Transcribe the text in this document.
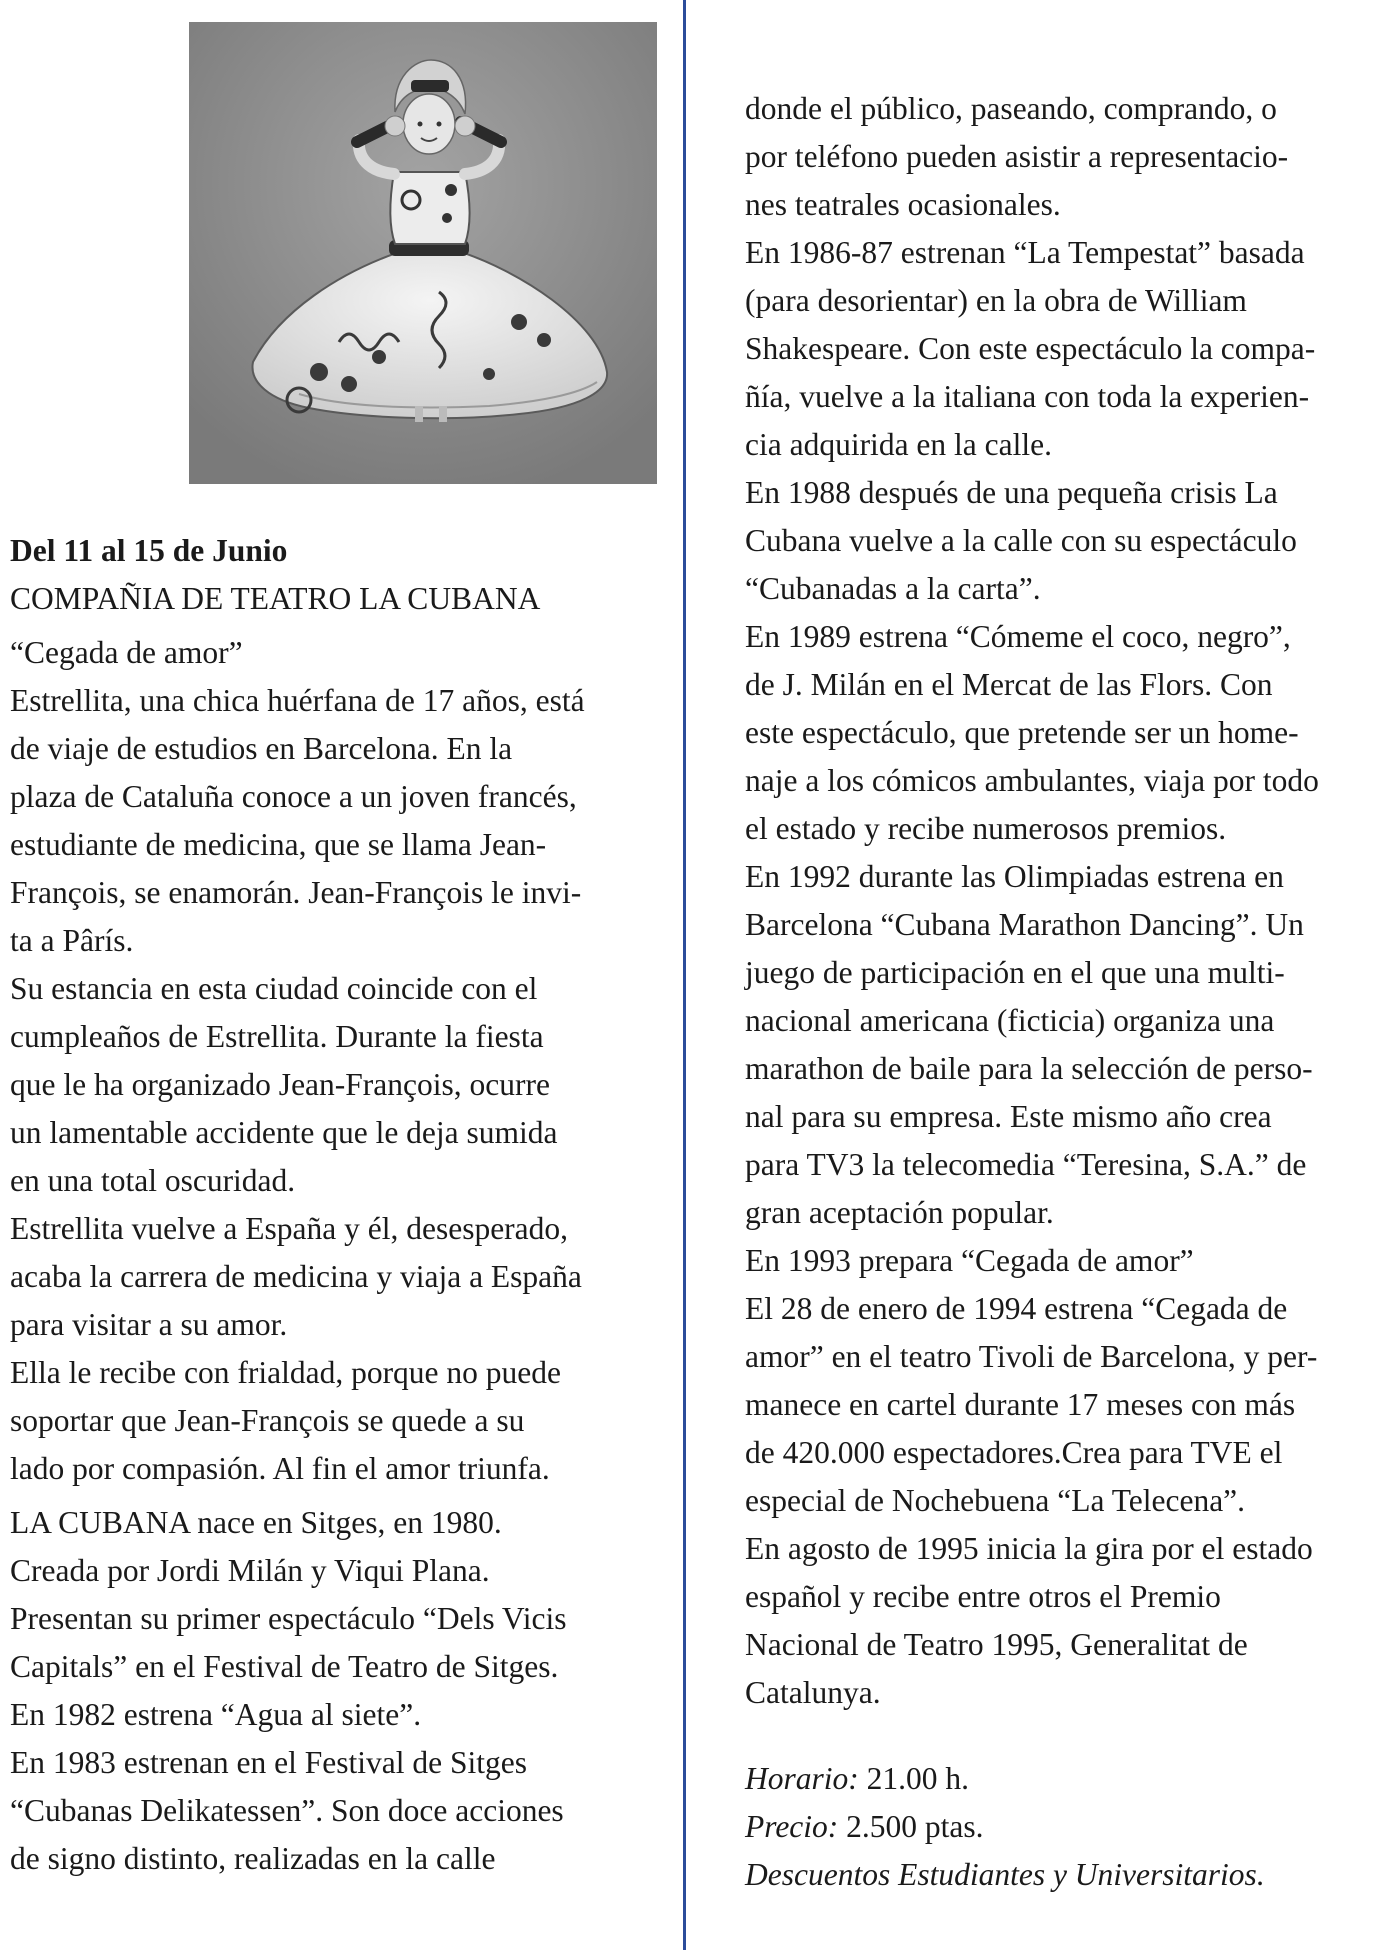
Del 11 al 15 de Junio
COMPAÑIA DE TEATRO LA CUBANA
“Cegada de amor”
Estrellita, una chica huérfana de 17 años, está
de viaje de estudios en Barcelona. En la
plaza de Cataluña conoce a un joven francés,
estudiante de medicina, que se llama Jean-
François, se enamorán. Jean-François le invi-
ta a Pârís.
Su estancia en esta ciudad coincide con el
cumpleaños de Estrellita. Durante la fiesta
que le ha organizado Jean-François, ocurre
un lamentable accidente que le deja sumida
en una total oscuridad.
Estrellita vuelve a España y él, desesperado,
acaba la carrera de medicina y viaja a España
para visitar a su amor.
Ella le recibe con frialdad, porque no puede
soportar que Jean-François se quede a su
lado por compasión. Al fin el amor triunfa.
LA CUBANA nace en Sitges, en 1980.
Creada por Jordi Milán y Viqui Plana.
Presentan su primer espectáculo “Dels Vicis
Capitals” en el Festival de Teatro de Sitges.
En 1982 estrena “Agua al siete”.
En 1983 estrenan en el Festival de Sitges
“Cubanas Delikatessen”. Son doce acciones
de signo distinto, realizadas en la calle
donde el público, paseando, comprando, o
por teléfono pueden asistir a representacio-
nes teatrales ocasionales.
En 1986-87 estrenan “La Tempestat” basada
(para desorientar) en la obra de William
Shakespeare. Con este espectáculo la compa-
ñía, vuelve a la italiana con toda la experien-
cia adquirida en la calle.
En 1988 después de una pequeña crisis La
Cubana vuelve a la calle con su espectáculo
“Cubanadas a la carta”.
En 1989 estrena “Cómeme el coco, negro”,
de J. Milán en el Mercat de las Flors. Con
este espectáculo, que pretende ser un home-
naje a los cómicos ambulantes, viaja por todo
el estado y recibe numerosos premios.
En 1992 durante las Olimpiadas estrena en
Barcelona “Cubana Marathon Dancing”. Un
juego de participación en el que una multi-
nacional americana (ficticia) organiza una
marathon de baile para la selección de perso-
nal para su empresa. Este mismo año crea
para TV3 la telecomedia “Teresina, S.A.” de
gran aceptación popular.
En 1993 prepara “Cegada de amor”
El 28 de enero de 1994 estrena “Cegada de
amor” en el teatro Tivoli de Barcelona, y per-
manece en cartel durante 17 meses con más
de 420.000 espectadores.Crea para TVE el
especial de Nochebuena “La Telecena”.
En agosto de 1995 inicia la gira por el estado
español y recibe entre otros el Premio
Nacional de Teatro 1995, Generalitat de
Catalunya.
Horario: 21.00 h.
Precio: 2.500 ptas.
Descuentos Estudiantes y Universitarios.
